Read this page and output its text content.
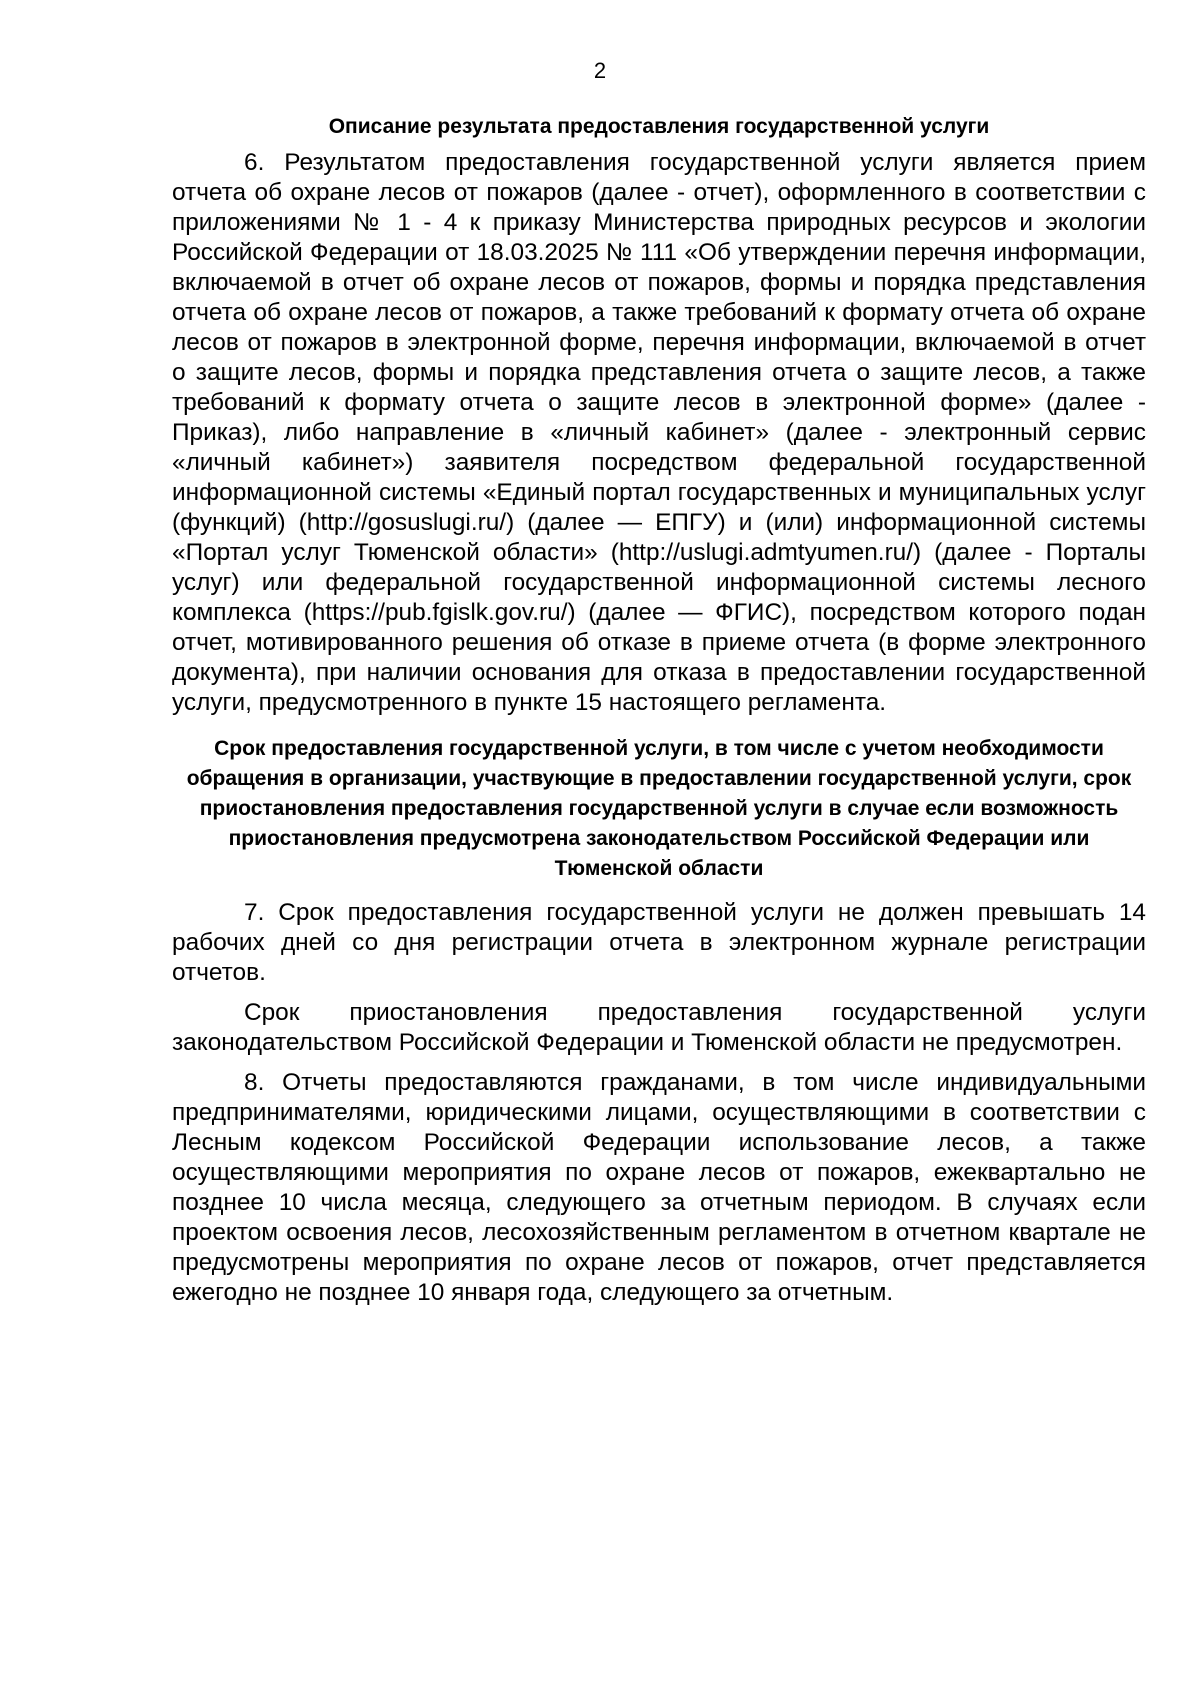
2

Описание результата предоставления государственной услуги

6. Результатом предоставления государственной услуги является прием отчета об охране лесов от пожаров (далее - отчет), оформленного в соответствии с приложениями № 1 - 4 к приказу Министерства природных ресурсов и экологии Российской Федерации от 18.03.2025 № 111 «Об утверждении перечня информации, включаемой в отчет об охране лесов от пожаров, формы и порядка представления отчета об охране лесов от пожаров, а также требований к формату отчета об охране лесов от пожаров в электронной форме, перечня информации, включаемой в отчет о защите лесов, формы и порядка представления отчета о защите лесов, а также требований к формату отчета о защите лесов в электронной форме» (далее - Приказ), либо направление в «личный кабинет» (далее - электронный сервис «личный кабинет») заявителя посредством федеральной государственной информационной системы «Единый портал государственных и муниципальных услуг (функций) (http://gosuslugi.ru/) (далее — ЕПГУ) и (или) информационной системы «Портал услуг Тюменской области» (http://uslugi.admtyumen.ru/) (далее - Порталы услуг) или федеральной государственной информационной системы лесного комплекса (https://pub.fgislk.gov.ru/) (далее — ФГИС), посредством которого подан отчет, мотивированного решения об отказе в приеме отчета (в форме электронного документа), при наличии основания для отказа в предоставлении государственной услуги, предусмотренного в пункте 15 настоящего регламента.

Срок предоставления государственной услуги, в том числе с учетом необходимости обращения в организации, участвующие в предоставлении государственной услуги, срок приостановления предоставления государственной услуги в случае если возможность приостановления предусмотрена законодательством Российской Федерации или Тюменской области

7. Срок предоставления государственной услуги не должен превышать 14 рабочих дней со дня регистрации отчета в электронном журнале регистрации отчетов.

Срок приостановления предоставления государственной услуги законодательством Российской Федерации и Тюменской области не предусмотрен.

8. Отчеты предоставляются гражданами, в том числе индивидуальными предпринимателями, юридическими лицами, осуществляющими в соответствии с Лесным кодексом Российской Федерации использование лесов, а также осуществляющими мероприятия по охране лесов от пожаров, ежеквартально не позднее 10 числа месяца, следующего за отчетным периодом. В случаях если проектом освоения лесов, лесохозяйственным регламентом в отчетном квартале не предусмотрены мероприятия по охране лесов от пожаров, отчет представляется ежегодно не позднее 10 января года, следующего за отчетным.
